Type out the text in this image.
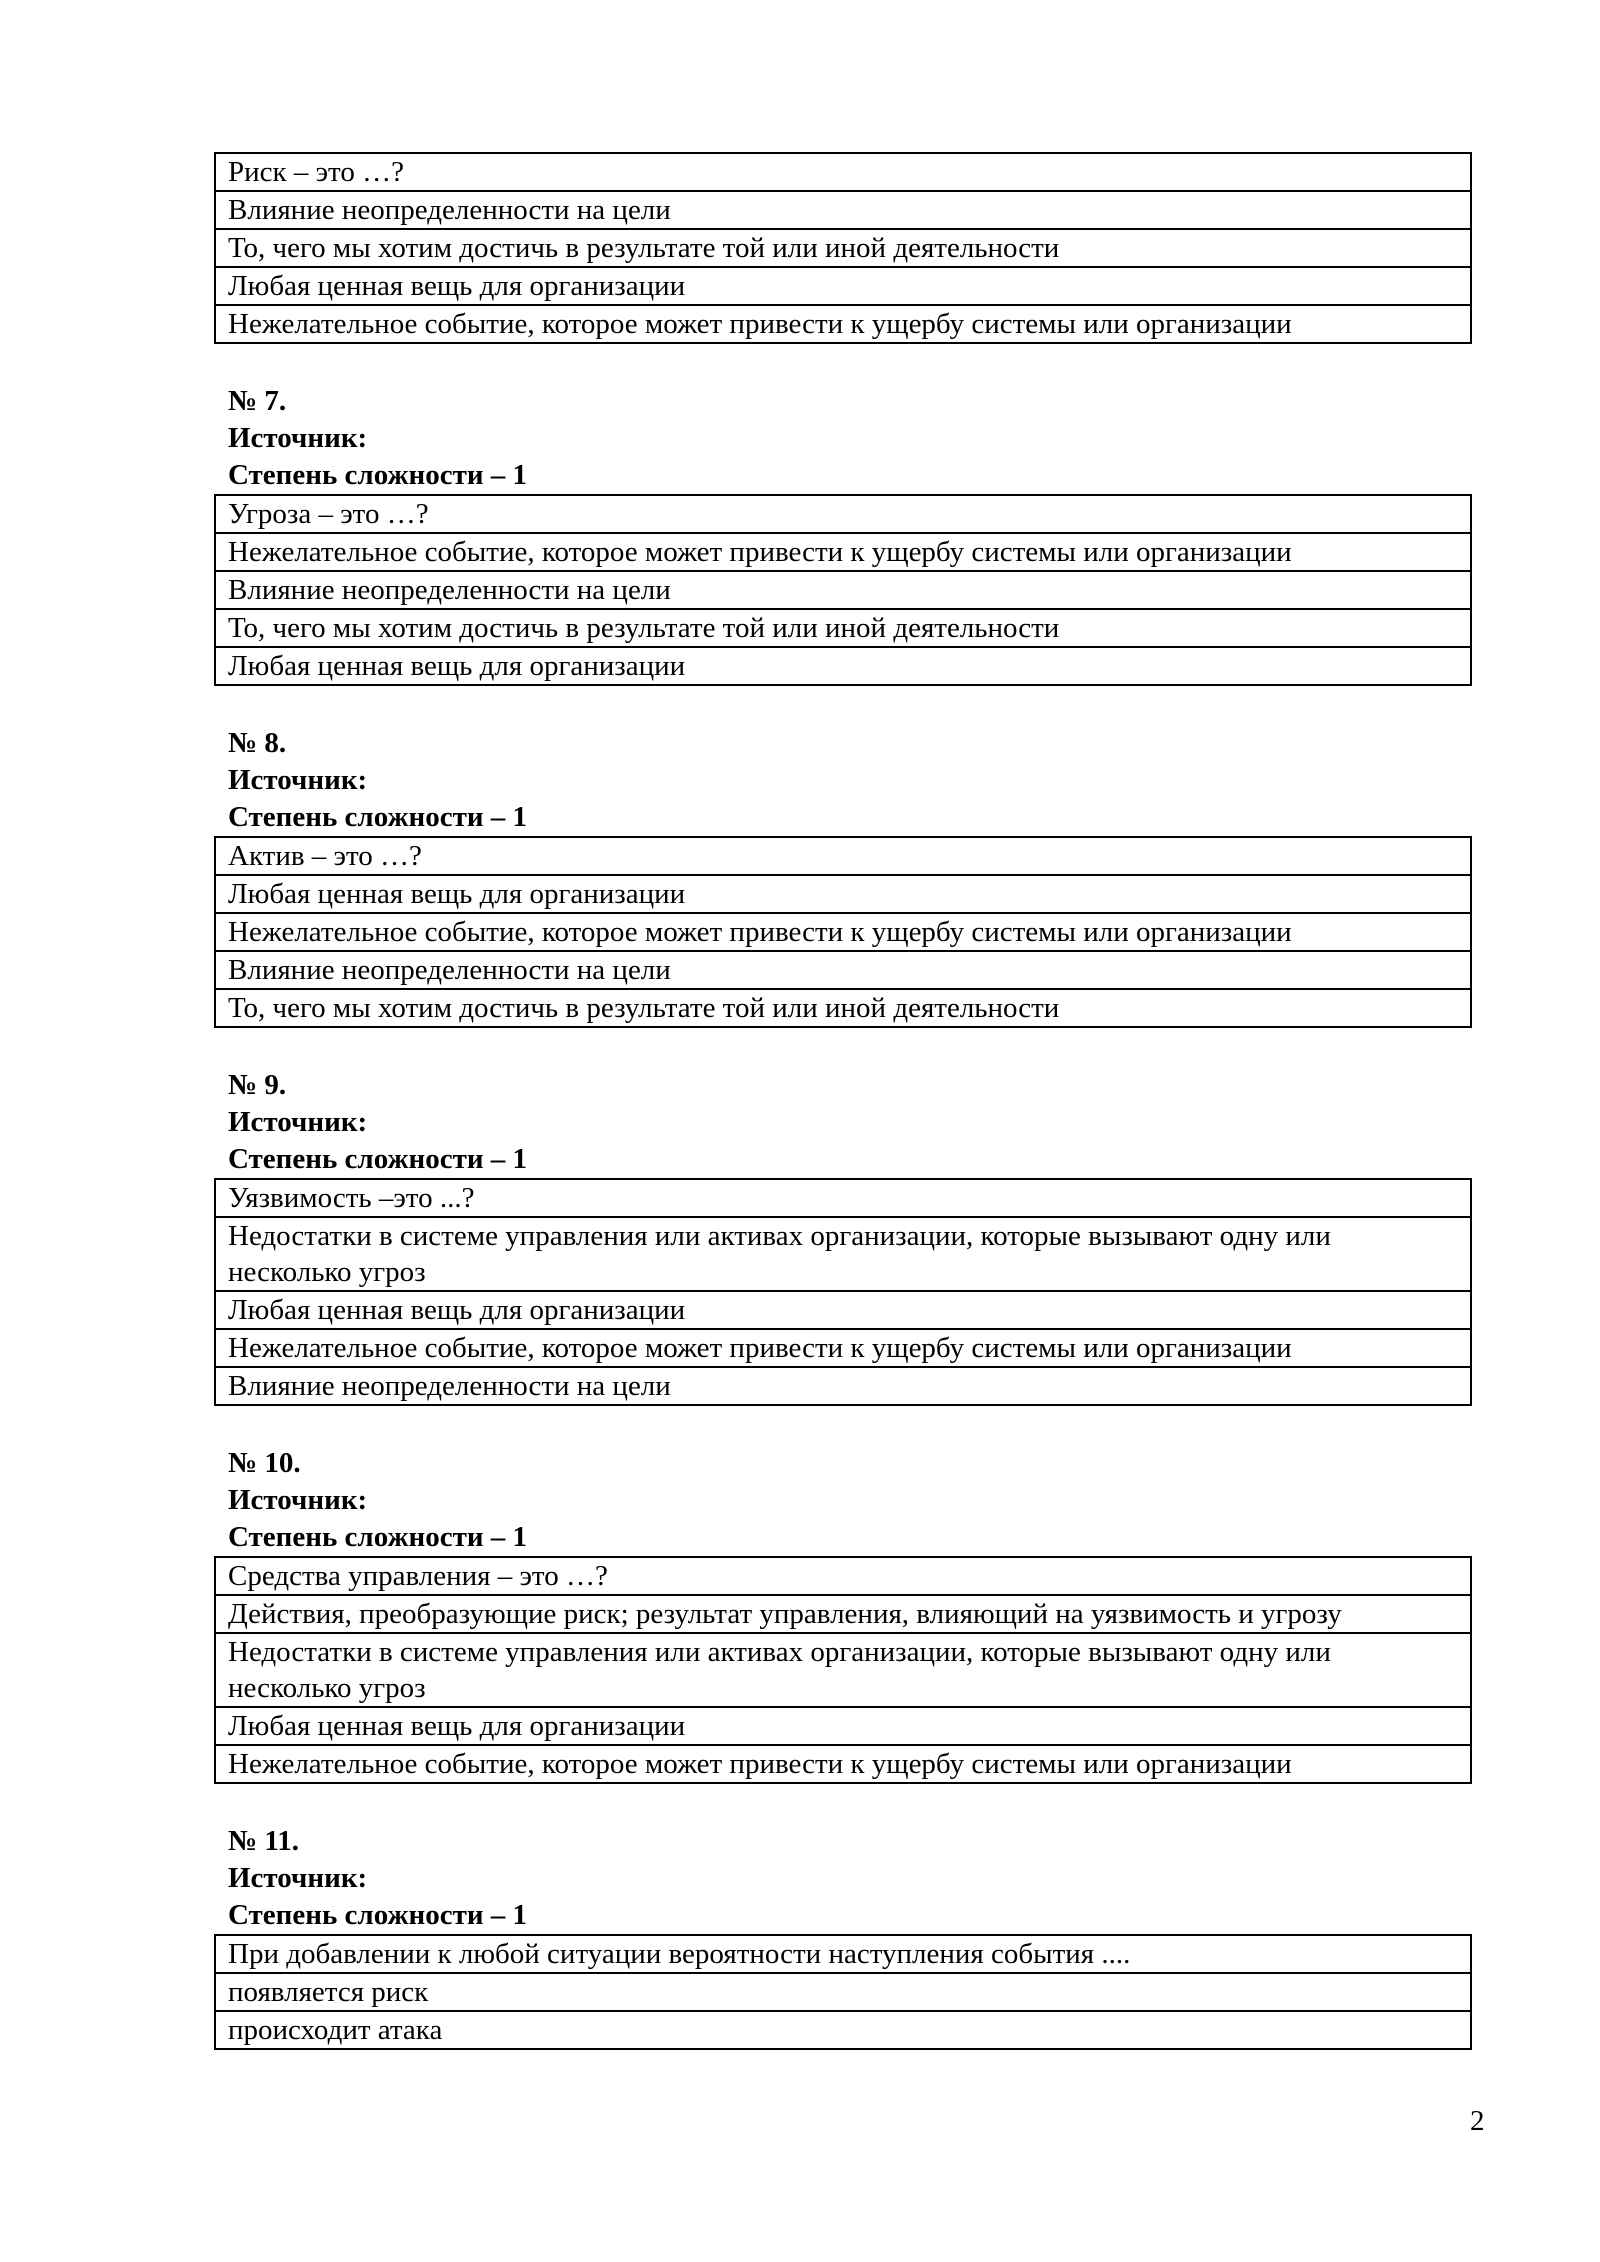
Риск – это …?
Влияние неопределенности на цели
То, чего мы хотим достичь в результате той или иной деятельности
Любая ценная вещь для организации
Нежелательное событие, которое может привести к ущербу системы или организации

№ 7.

Источник:

Степень сложности – 1

Угроза – это …?
Нежелательное событие, которое может привести к ущербу системы или организации
Влияние неопределенности на цели
То, чего мы хотим достичь в результате той или иной деятельности
Любая ценная вещь для организации

№ 8.

Источник:

Степень сложности – 1

Актив – это …?
Любая ценная вещь для организации
Нежелательное событие, которое может привести к ущербу системы или организации
Влияние неопределенности на цели
То, чего мы хотим достичь в результате той или иной деятельности

№ 9.

Источник:

Степень сложности – 1

Уязвимость –это ...?
Недостатки в системе управления или активах организации, которые вызывают одну или несколько угроз
Любая ценная вещь для организации
Нежелательное событие, которое может привести к ущербу системы или организации
Влияние неопределенности на цели

№ 10.

Источник:

Степень сложности – 1

Средства управления – это …?
Действия, преобразующие риск; результат управления, влияющий на уязвимость и угрозу
Недостатки в системе управления или активах организации, которые вызывают одну или несколько угроз
Любая ценная вещь для организации
Нежелательное событие, которое может привести к ущербу системы или организации

№ 11.

Источник:

Степень сложности – 1

При добавлении к любой ситуации вероятности наступления события ....
появляется риск
происходит атака
2
